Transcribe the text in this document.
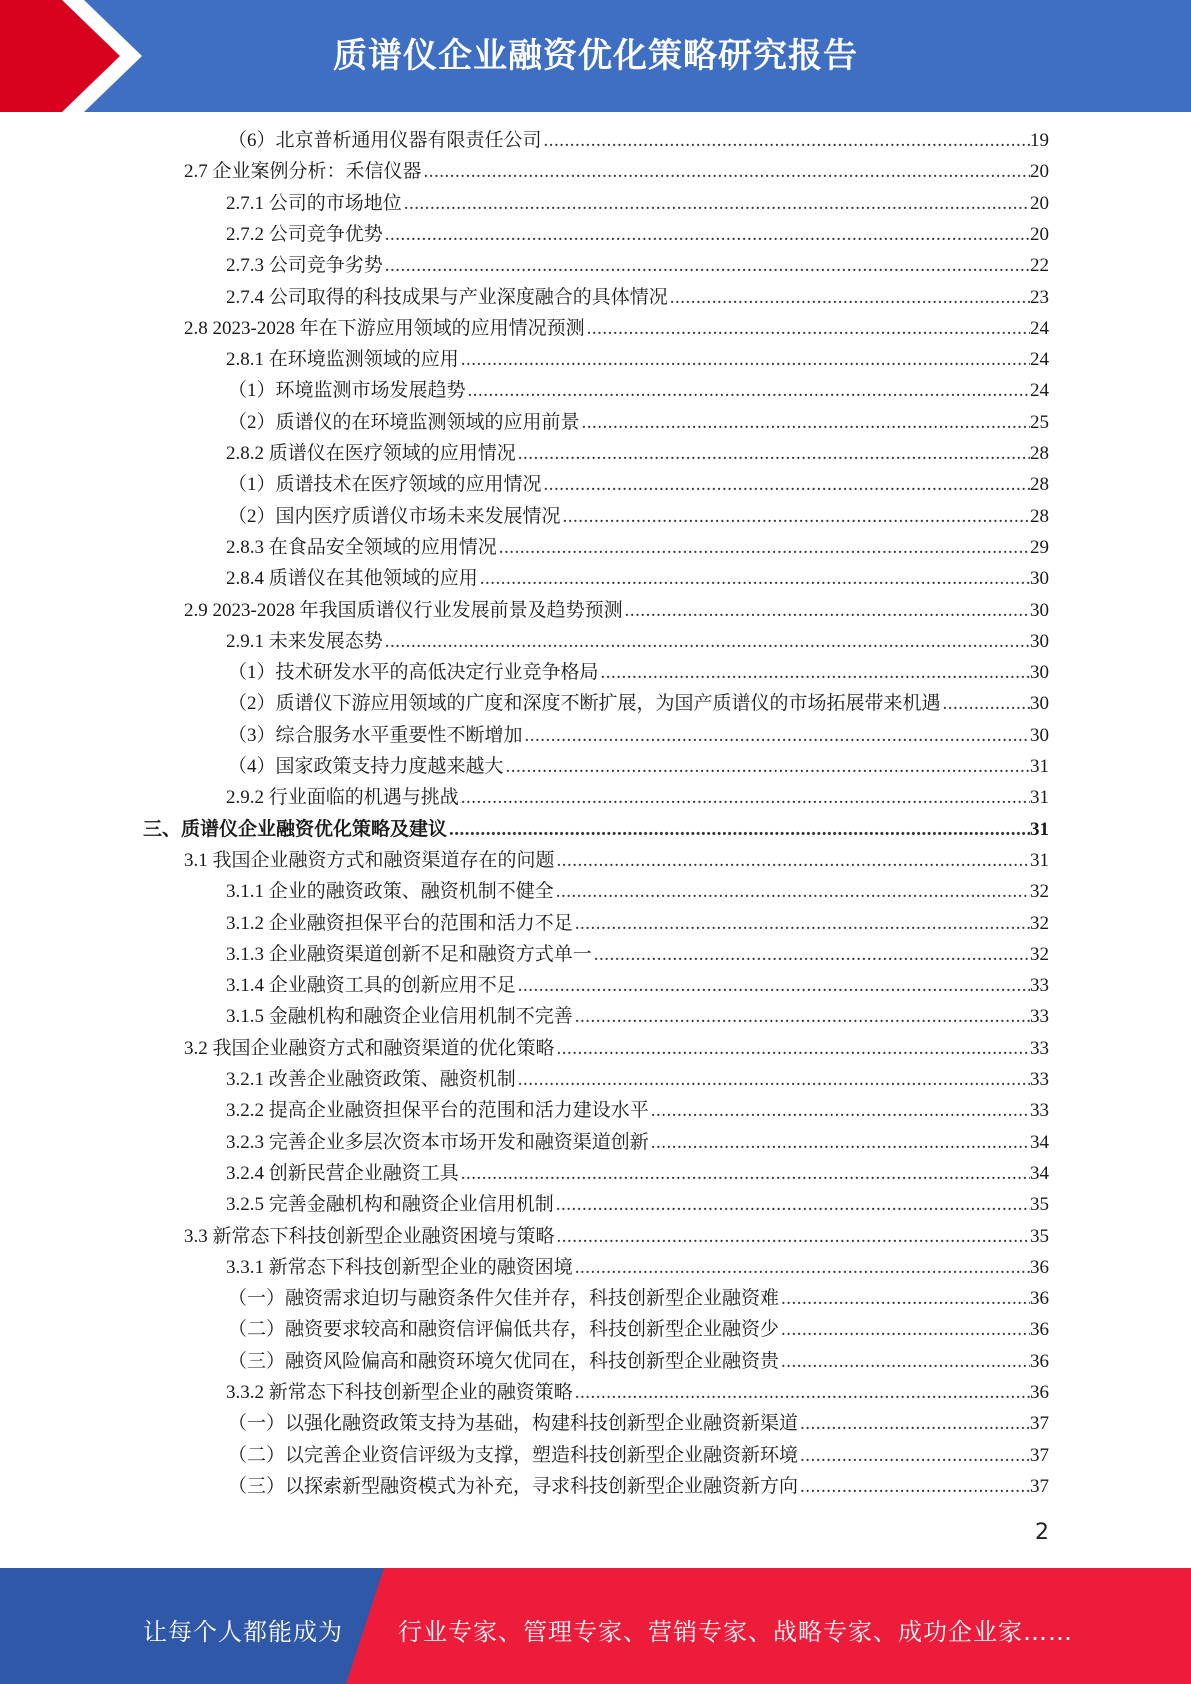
质谱仪企业融资优化策略研究报告
（6）北京普析通用仪器有限责任公司 .....	19
2.7 企业案例分析：禾信仪器 .....	20
2.7.1 公司的市场地位 .....	20
2.7.2 公司竞争优势 .....	20
2.7.3 公司竞争劣势 .....	22
2.7.4 公司取得的科技成果与产业深度融合的具体情况 .....	23
2.8 2023-2028 年在下游应用领域的应用情况预测 .....	24
2.8.1 在环境监测领域的应用 .....	24
（1）环境监测市场发展趋势 .....	24
（2）质谱仪的在环境监测领域的应用前景 .....	25
2.8.2 质谱仪在医疗领域的应用情况 .....	28
（1）质谱技术在医疗领域的应用情况 .....	28
（2）国内医疗质谱仪市场未来发展情况 .....	28
2.8.3 在食品安全领域的应用情况 .....	29
2.8.4 质谱仪在其他领域的应用 .....	30
2.9 2023-2028 年我国质谱仪行业发展前景及趋势预测 .....	30
2.9.1 未来发展态势 .....	30
（1）技术研发水平的高低决定行业竞争格局 .....	30
（2）质谱仪下游应用领域的广度和深度不断扩展，为国产质谱仪的市场拓展带来机遇 .....	30
（3）综合服务水平重要性不断增加 .....	30
（4）国家政策支持力度越来越大 .....	31
2.9.2 行业面临的机遇与挑战 .....	31
三、质谱仪企业融资优化策略及建议 .....	31
3.1 我国企业融资方式和融资渠道存在的问题 .....	31
3.1.1 企业的融资政策、融资机制不健全 .....	32
3.1.2 企业融资担保平台的范围和活力不足 .....	32
3.1.3 企业融资渠道创新不足和融资方式单一 .....	32
3.1.4 企业融资工具的创新应用不足 .....	33
3.1.5 金融机构和融资企业信用机制不完善 .....	33
3.2 我国企业融资方式和融资渠道的优化策略 .....	33
3.2.1 改善企业融资政策、融资机制 .....	33
3.2.2 提高企业融资担保平台的范围和活力建设水平 .....	33
3.2.3 完善企业多层次资本市场开发和融资渠道创新 .....	34
3.2.4 创新民营企业融资工具 .....	34
3.2.5 完善金融机构和融资企业信用机制 .....	35
3.3 新常态下科技创新型企业融资困境与策略 .....	35
3.3.1 新常态下科技创新型企业的融资困境 .....	36
（一）融资需求迫切与融资条件欠佳并存，科技创新型企业融资难 .....	36
（二）融资要求较高和融资信评偏低共存，科技创新型企业融资少 .....	36
（三）融资风险偏高和融资环境欠优同在，科技创新型企业融资贵 .....	36
3.3.2 新常态下科技创新型企业的融资策略 .....	36
（一）以强化融资政策支持为基础，构建科技创新型企业融资新渠道 .....	37
（二）以完善企业资信评级为支撑，塑造科技创新型企业融资新环境 .....	37
（三）以探索新型融资模式为补充，寻求科技创新型企业融资新方向 .....	37
2
让每个人都能成为 行业专家、管理专家、营销专家、战略专家、成功企业家……
